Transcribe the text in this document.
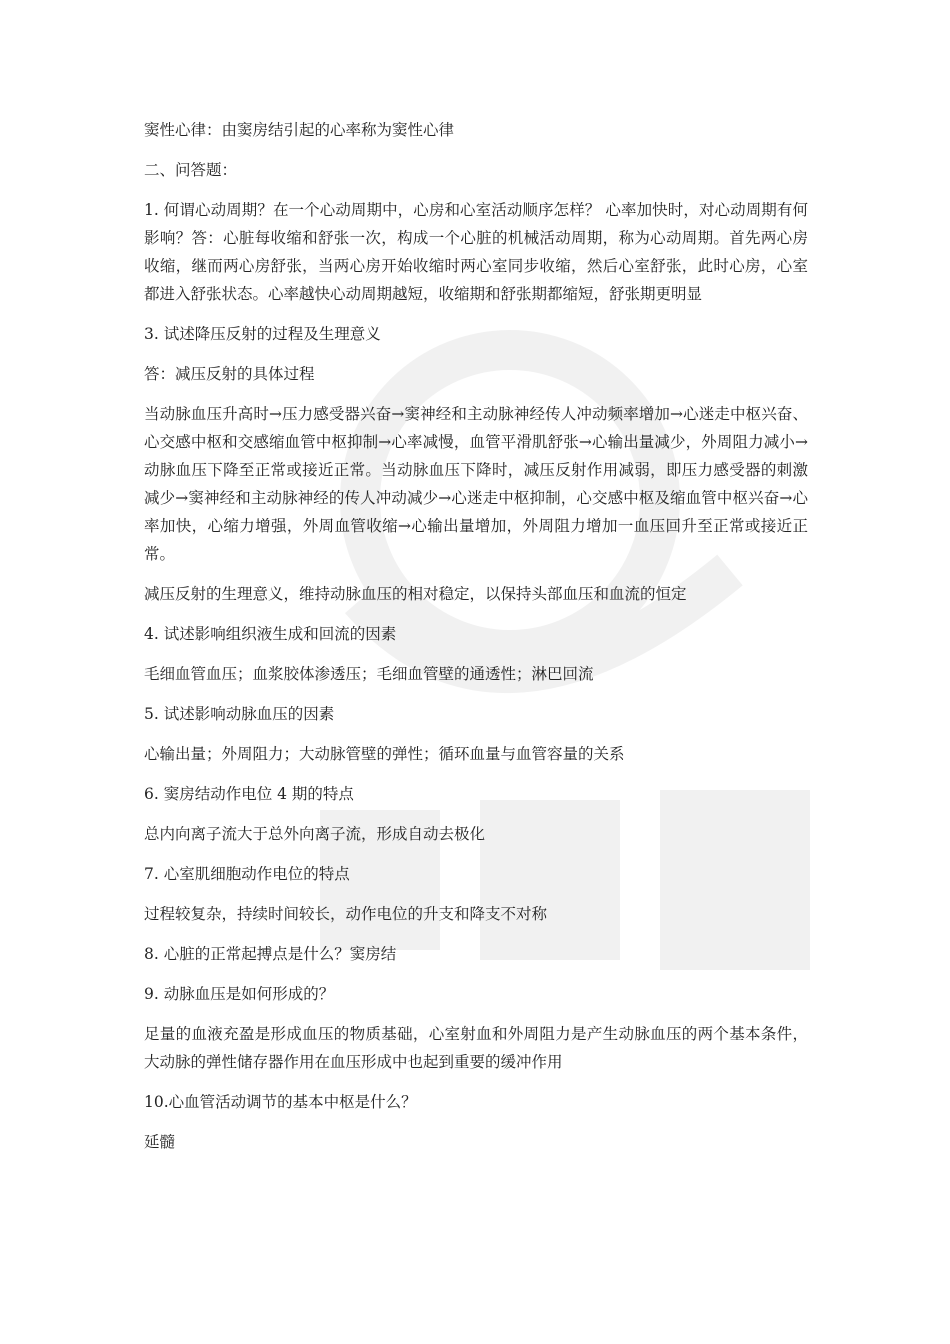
窦性心律：由窦房结引起的心率称为窦性心律

二、问答题：

1. 何谓心动周期？在一个心动周期中，心房和心室活动顺序怎样？ 心率加快时，对心动周期有何影响？答：心脏每收缩和舒张一次，构成一个心脏的机械活动周期，称为心动周期。首先两心房收缩，继而两心房舒张，当两心房开始收缩时两心室同步收缩，然后心室舒张，此时心房，心室都进入舒张状态。心率越快心动周期越短，收缩期和舒张期都缩短，舒张期更明显

3. 试述降压反射的过程及生理意义

答：减压反射的具体过程

当动脉血压升高时→压力感受器兴奋→窦神经和主动脉神经传人冲动频率增加→心迷走中枢兴奋、心交感中枢和交感缩血管中枢抑制→心率减慢，血管平滑肌舒张→心输出量减少，外周阻力减小→动脉血压下降至正常或接近正常。当动脉血压下降时，减压反射作用减弱，即压力感受器的刺激减少→窦神经和主动脉神经的传人冲动减少→心迷走中枢抑制，心交感中枢及缩血管中枢兴奋→心率加快，心缩力增强，外周血管收缩→心输出量增加，外周阻力增加一血压回升至正常或接近正常。

减压反射的生理意义，维持动脉血压的相对稳定，以保持头部血压和血流的恒定

4. 试述影响组织液生成和回流的因素

毛细血管血压；血浆胶体渗透压；毛细血管壁的通透性；淋巴回流

5. 试述影响动脉血压的因素

心输出量；外周阻力；大动脉管壁的弹性；循环血量与血管容量的关系

6. 窦房结动作电位 4 期的特点

总内向离子流大于总外向离子流，形成自动去极化

7. 心室肌细胞动作电位的特点

过程较复杂，持续时间较长，动作电位的升支和降支不对称

8. 心脏的正常起搏点是什么？窦房结

9. 动脉血压是如何形成的？

足量的血液充盈是形成血压的物质基础，心室射血和外周阻力是产生动脉血压的两个基本条件，大动脉的弹性储存器作用在血压形成中也起到重要的缓冲作用

10.心血管活动调节的基本中枢是什么？

延髓
